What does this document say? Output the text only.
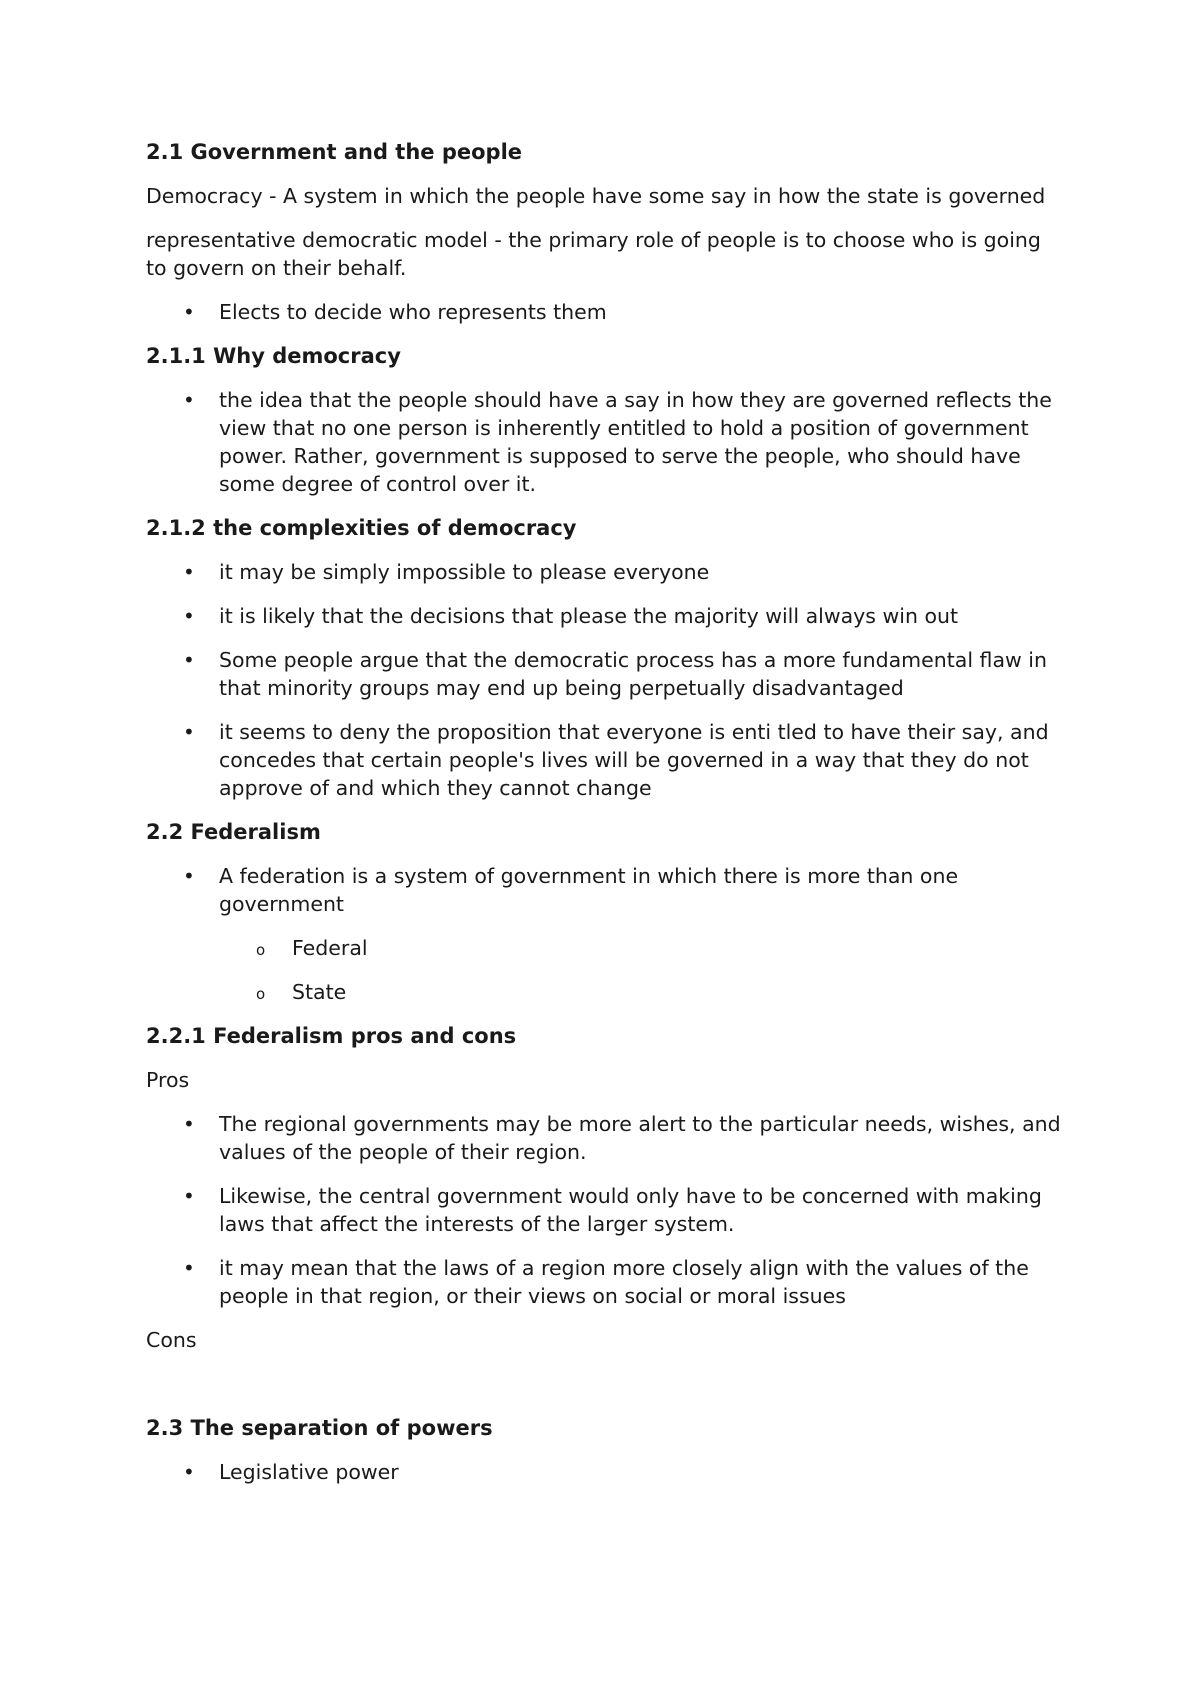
2.1 Government and the people
Democracy - A system in which the people have some say in how the state is governed
representative democratic model - the primary role of people is to choose who is going to govern on their behalf.
• Elects to decide who represents them
2.1.1 Why democracy
• the idea that the people should have a say in how they are governed reflects the view that no one person is inherently entitled to hold a position of government power. Rather, government is supposed to serve the people, who should have some degree of control over it.
2.1.2 the complexities of democracy
• it may be simply impossible to please everyone
• it is likely that the decisions that please the majority will always win out
• Some people argue that the democratic process has a more fundamental flaw in that minority groups may end up being perpetually disadvantaged
• it seems to deny the proposition that everyone is enti tled to have their say, and concedes that certain people's lives will be governed in a way that they do not approve of and which they cannot change
2.2 Federalism
• A federation is a system of government in which there is more than one government
o Federal
o State
2.2.1 Federalism pros and cons
Pros
• The regional governments may be more alert to the particular needs, wishes, and values of the people of their region.
• Likewise, the central government would only have to be concerned with making laws that affect the interests of the larger system.
• it may mean that the laws of a region more closely align with the values of the people in that region, or their views on social or moral issues
Cons
2.3 The separation of powers
• Legislative power
